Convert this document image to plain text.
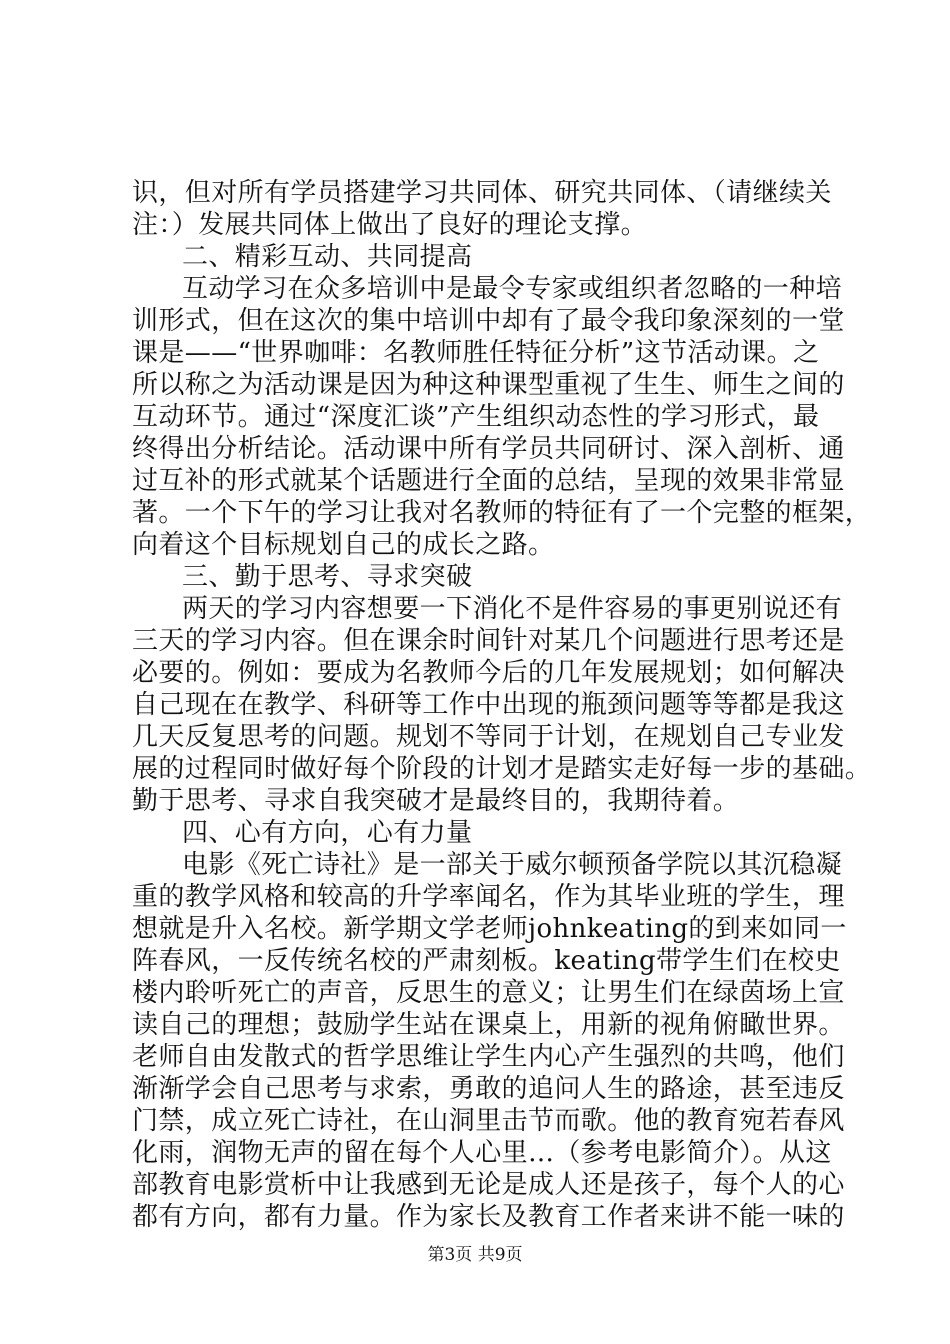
识，但对所有学员搭建学习共同体、研究共同体、（请继续关
注：）发展共同体上做出了良好的理论支撑。
二、精彩互动、共同提高
互动学习在众多培训中是最令专家或组织者忽略的一种培
训形式，但在这次的集中培训中却有了最令我印象深刻的一堂
课是——“世界咖啡：名教师胜任特征分析”这节活动课。之
所以称之为活动课是因为种这种课型重视了生生、师生之间的
互动环节。通过“深度汇谈”产生组织动态性的学习形式，最
终得出分析结论。活动课中所有学员共同研讨、深入剖析、通
过互补的形式就某个话题进行全面的总结，呈现的效果非常显
著。一个下午的学习让我对名教师的特征有了一个完整的框架，
向着这个目标规划自己的成长之路。
三、勤于思考、寻求突破
两天的学习内容想要一下消化不是件容易的事更别说还有
三天的学习内容。但在课余时间针对某几个问题进行思考还是
必要的。例如：要成为名教师今后的几年发展规划；如何解决
自己现在在教学、科研等工作中出现的瓶颈问题等等都是我这
几天反复思考的问题。规划不等同于计划，在规划自己专业发
展的过程同时做好每个阶段的计划才是踏实走好每一步的基础。
勤于思考、寻求自我突破才是最终目的，我期待着。
四、心有方向，心有力量
电影《死亡诗社》是一部关于威尔顿预备学院以其沉稳凝
重的教学风格和较高的升学率闻名，作为其毕业班的学生，理
想就是升入名校。新学期文学老师johnkeating的到来如同一
阵春风，一反传统名校的严肃刻板。keating带学生们在校史
楼内聆听死亡的声音，反思生的意义；让男生们在绿茵场上宣
读自己的理想；鼓励学生站在课桌上，用新的视角俯瞰世界。
老师自由发散式的哲学思维让学生内心产生强烈的共鸣，他们
渐渐学会自己思考与求索，勇敢的追问人生的路途，甚至违反
门禁，成立死亡诗社，在山洞里击节而歌。他的教育宛若春风
化雨，润物无声的留在每个人心里…（参考电影简介）。从这
部教育电影赏析中让我感到无论是成人还是孩子，每个人的心
都有方向，都有力量。作为家长及教育工作者来讲不能一味的
第3页 共9页
